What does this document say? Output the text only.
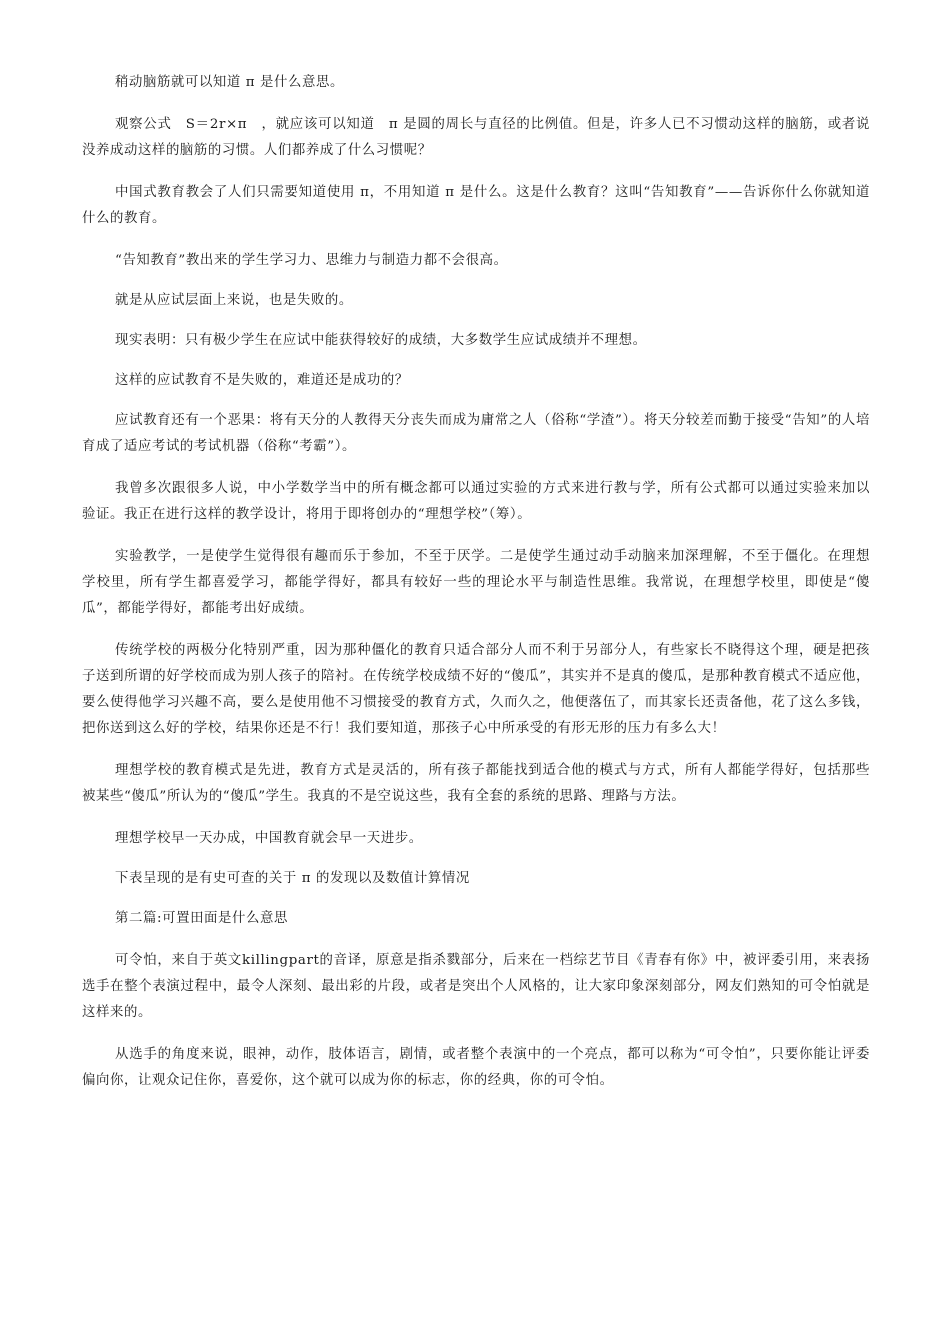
稍动脑筋就可以知道 π 是什么意思。

观察公式　S＝2r×π　，就应该可以知道　π 是圆的周长与直径的比例值。但是，许多人已不习惯动这样的脑筋，或者说没养成动这样的脑筋的习惯。人们都养成了什么习惯呢？

中国式教育教会了人们只需要知道使用 π，不用知道 π 是什么。这是什么教育？这叫“告知教育”——告诉你什么你就知道什么的教育。

“告知教育”教出来的学生学习力、思维力与制造力都不会很高。

就是从应试层面上来说，也是失败的。

现实表明：只有极少学生在应试中能获得较好的成绩，大多数学生应试成绩并不理想。

这样的应试教育不是失败的，难道还是成功的？

应试教育还有一个恶果：将有天分的人教得天分丧失而成为庸常之人（俗称“学渣”）。将天分较差而勤于接受“告知”的人培育成了适应考试的考试机器（俗称“考霸”）。

我曾多次跟很多人说，中小学数学当中的所有概念都可以通过实验的方式来进行教与学，所有公式都可以通过实验来加以验证。我正在进行这样的教学设计，将用于即将创办的“理想学校”（筹）。

实验教学，一是使学生觉得很有趣而乐于参加，不至于厌学。二是使学生通过动手动脑来加深理解，不至于僵化。在理想学校里，所有学生都喜爱学习，都能学得好，都具有较好一些的理论水平与制造性思维。我常说，在理想学校里，即使是“傻瓜”，都能学得好，都能考出好成绩。

传统学校的两极分化特别严重，因为那种僵化的教育只适合部分人而不利于另部分人，有些家长不晓得这个理，硬是把孩子送到所谓的好学校而成为别人孩子的陪衬。在传统学校成绩不好的“傻瓜”，其实并不是真的傻瓜，是那种教育模式不适应他，要么使得他学习兴趣不高，要么是使用他不习惯接受的教育方式，久而久之，他便落伍了，而其家长还责备他，花了这么多钱，把你送到这么好的学校，结果你还是不行！我们要知道，那孩子心中所承受的有形无形的压力有多么大！

理想学校的教育模式是先进，教育方式是灵活的，所有孩子都能找到适合他的模式与方式，所有人都能学得好，包括那些被某些“傻瓜”所认为的“傻瓜”学生。我真的不是空说这些，我有全套的系统的思路、理路与方法。

理想学校早一天办成，中国教育就会早一天进步。

下表呈现的是有史可查的关于 π 的发现以及数值计算情况

第二篇:可置田面是什么意思

可令怕，来自于英文killingpart的音译，原意是指杀戮部分，后来在一档综艺节目《青春有你》中，被评委引用，来表扬选手在整个表演过程中，最令人深刻、最出彩的片段，或者是突出个人风格的，让大家印象深刻部分，网友们熟知的可令怕就是这样来的。

从选手的角度来说，眼神，动作，肢体语言，剧情，或者整个表演中的一个亮点，都可以称为“可令怕”，只要你能让评委偏向你，让观众记住你，喜爱你，这个就可以成为你的标志，你的经典，你的可令怕。
